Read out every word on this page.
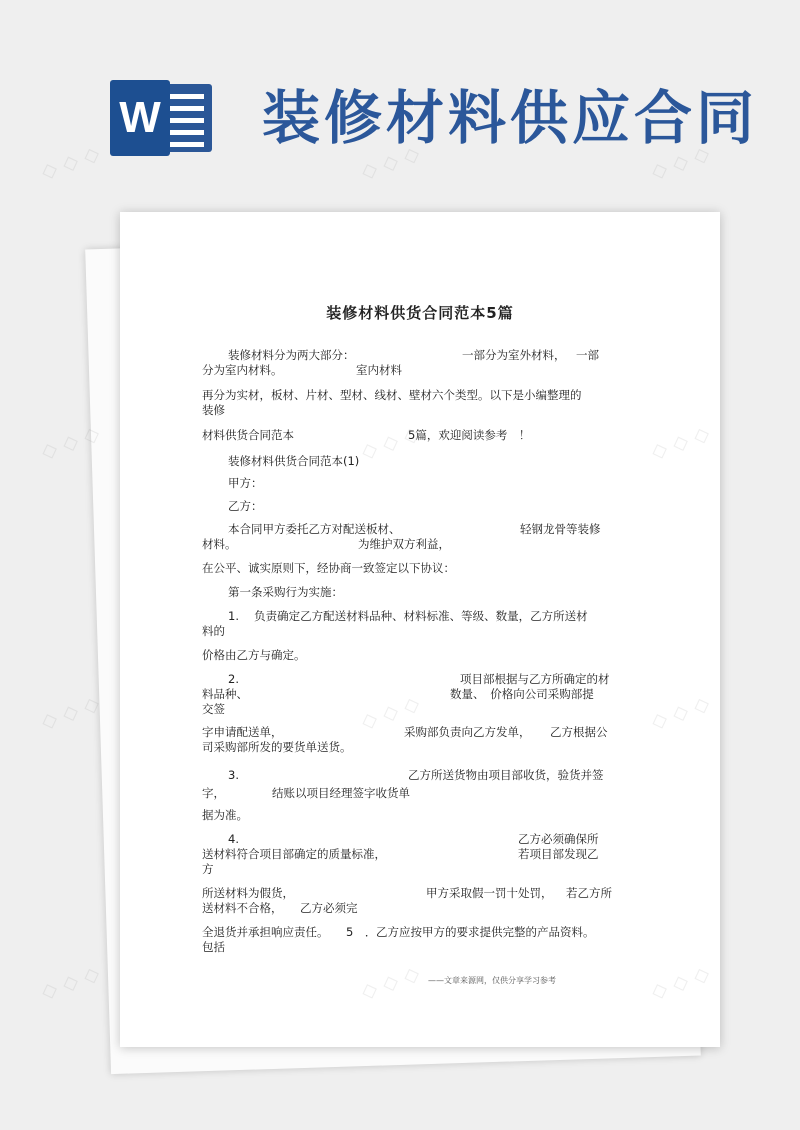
W 装修材料供应合同
装修材料供货合同范本5篇
装修材料分为两大部分：	一部分为室外材料， 一部
分为室内材料。	室内材料
再分为实材，板材、片材、型材、线材、壁材六个类型。以下是小编整理的
装修
材料供货合同范本	5篇，欢迎阅读参考　！
装修材料供货合同范本(1)
甲方：
乙方：
本合同甲方委托乙方对配送板材、	轻钢龙骨等装修
材料。	为维护双方利益，
在公平、诚实原则下，经协商一致签定以下协议：
第一条采购行为实施：
1.　 负责确定乙方配送材料品种、材料标准、等级、数量，乙方所送材
料的
价格由乙方与确定。
2.	项目部根据与乙方所确定的材
料品种、	数量、　价格向公司采购部提
交签
字申请配送单，	采购部负责向乙方发单， 乙方根据公
司采购部所发的要货单送货。
3.	乙方所送货物由项目部收货，验货并签
字，	结账以项目经理签字收货单
据为准。
4.	乙方必须确保所
送材料符合项目部确定的质量标准，	若项目部发现乙
方
所送材料为假货，	甲方采取假一罚十处罚， 若乙方所
送材料不合格， 乙方必须完
全退货并承担响应责任。 5　． 乙方应按甲方的要求提供完整的产品资料。
包括
——文章来源网，仅供分享学习参考
◇ ◇ ◇	◇ ◇ ◇	◇ ◇ ◇
◇ ◇ ◇
◇ ◇ ◇
◇ ◇ ◇
